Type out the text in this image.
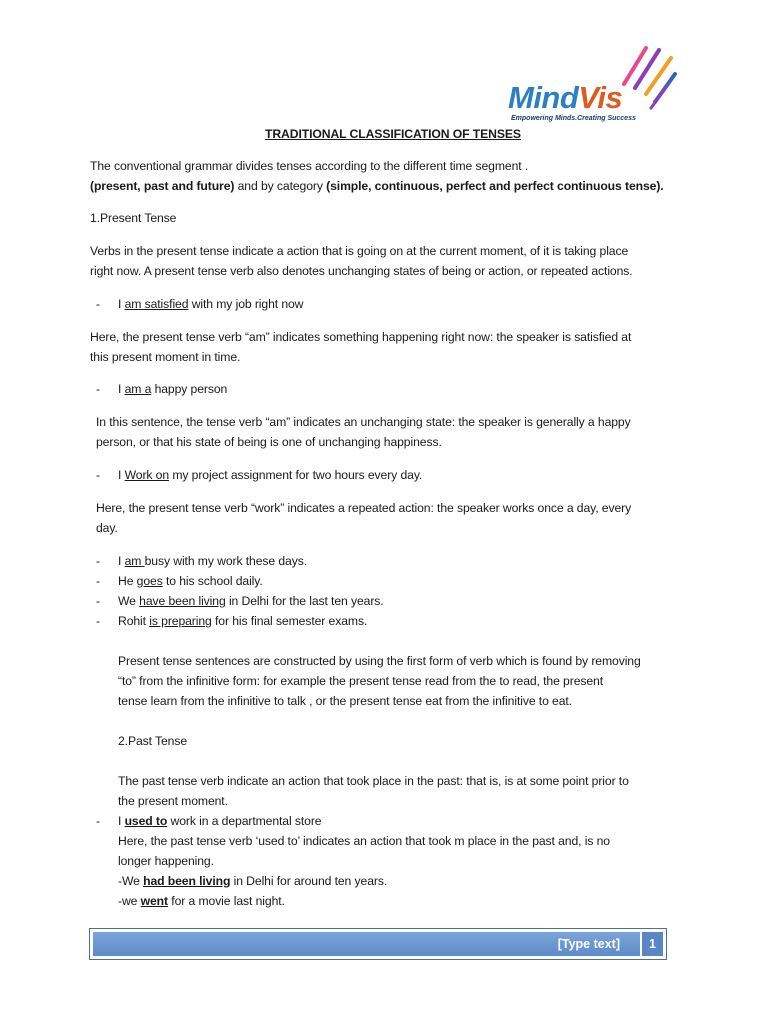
MindVis
Empowering Minds.Creating Success
TRADITIONAL CLASSIFICATION OF TENSES
The conventional grammar divides tenses according to the different time segment .
(present, past and future) and by category (simple, continuous, perfect and perfect continuous tense).
1.Present Tense
Verbs in the present tense indicate a action that is going on at the current moment, of it is taking place
right now. A present tense verb also denotes unchanging states of being or action, or repeated actions.
- I am satisfied with my job right now
Here, the present tense verb “am” indicates something happening right now: the speaker is satisfied at
this present moment in time.
- I am a happy person
In this sentence, the tense verb “am” indicates an unchanging state: the speaker is generally a happy
person, or that his state of being is one of unchanging happiness.
- I Work on my project assignment for two hours every day.
Here, the present tense verb “work” indicates a repeated action: the speaker works once a day, every
day.
- I am busy with my work these days.
- He goes to his school daily.
- We have been living in Delhi for the last ten years.
- Rohit is preparing for his final semester exams.
Present tense sentences are constructed by using the first form of verb which is found by removing
“to” from the infinitive form: for example the present tense read from the to read, the present
tense learn from the infinitive to talk , or the present tense eat from the infinitive to eat.
2.Past Tense
The past tense verb indicate an action that took place in the past: that is, is at some point prior to
the present moment.
- I used to work in a departmental store
Here, the past tense verb ‘used to’ indicates an action that took m place in the past and, is no
longer happening.
-We had been living in Delhi for around ten years.
-we went for a movie last night.
[Type text]	1
